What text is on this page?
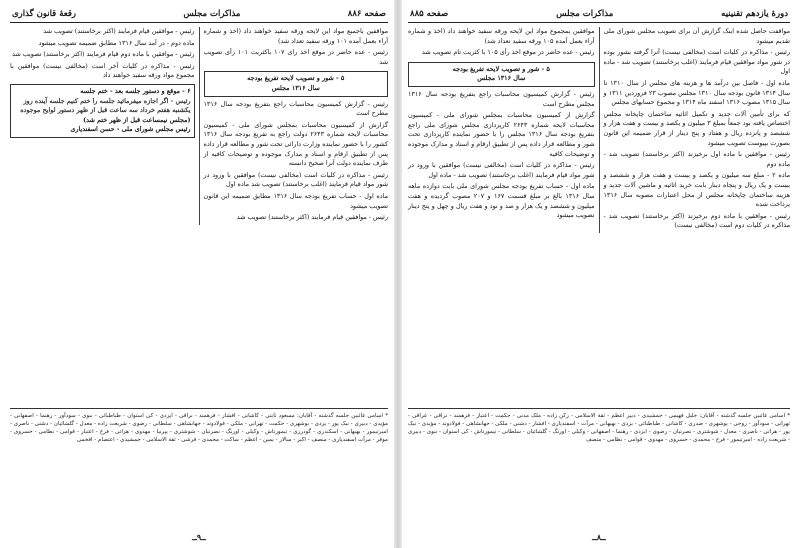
صفحه ۸۸۶
مذاکرات مجلس
رقعهٔ قانون گذاری

مواقفین باجمیع مواد این لایحه ورقه سفید خواهند داد (اخذ و شماره آراء بعمل آمده ۱۰۱ ورقه سفید تعداد شد)

رئیس - عده حاضر در موقع اخذ رای ۱۰۷ باکثریت ۱۰۱ رأی تصویب شد

۵ - شور و تصویب لایحه تفریغ بودجه
سال ۱۳۱۶ مجلس

رئیس - گزارش کمیسیون محاسبات راجع بتفریغ بودجه سال ۱۳۱۶ مطرح است

گزارش از کمیسیون محاسبات بمجلس شورای ملی - کمیسیون محاسبات لایحه شماره ۲۶۴۳ دولت راجع به تفریغ بودجه سال ۱۳۱۶ کشور را با حضور نماینده وزارت دارائی تحت شور و مطالعه قرار داده پس از تطبیق ارقام و اسناد و مدارک موجوده و توضیحات کافیه از طرف نماینده دولت آنرا صحیح دانسته

رئیس - مذاکره در کلیات است (مخالفی نیست) موافقین با ورود در شور مواد قیام فرمایند (اغلب برخاستند) تصویب شد ماده اول

ماده اول - حساب تفریغ بودجه سال ۱۳۱۶ مطابق ضمیمه این قانون تصویب میشود

رئیس - موافقین قیام فرمایند (اکثر برخاستند) تصویب شد

رئیس - موافقین قیام فرمایند (اکثر برخاستند) تصویب شد

ماده دوم - در آمد سال ۱۳۱۶ مطابق ضمیمه تصویب میشود

رئیس - موافقین با ماده دوم قیام فرمایند (اکثر برخاستند) تصویب شد

رئیس - مذاکره در کلیات آخر است (مخالفی نیست) موافقین با مجموع مواد ورقه سفید خواهند داد

۶ - موقع و دستور جلسه بعد - ختم جلسه
رئیس - اگر اجازه میفرمائید جلسه را ختم کنیم جلسه آینده روز یکشنبه هفتم خرداد سه ساعت قبل از ظهر دستور لوایح موجوده
(مجلس نیمساعت قبل از ظهر ختم شد)
رئیس مجلس شورای ملی - حسن اسفندیاری
* اسامی غائبین جلسه گذشته - آقایان: مسعود ثابتی - کاشانی - افشار - فرهمند - نراقی - ایزدی - کی استوان - طباطبائی - نبوی - سودآور - رهنما - اصفهانی - مؤیدی - دبیری - نیک پور - یزدی - بوشهری - حکمت - تهرانی - ملکی - فولادوند - جهانشاهی - سلطانی - رضوی - شریعت زاده - معدل - گلشائیان - دشتی - ناصری - امیرتیمور - بهبهانی - اسکندری - گودرزی - تیمورتاش - وکیلی - اورنگ - نصرتیان - شوشتری - پیرنیا - مهدوی - هراتی - فرخ - اعتبار - قوامی - نظامی - خسروی - موقر - مرآت اسفندیاری - منصف - اکبر - سالار - یمین - اعظم - ساکت - محمدی - فرشی - ثقة الاسلامی - جمشیدی - اعتصام - افخمی
ــ۹ــ
دورهٔ یازدهم تقنینیه
مذاکرات مجلس
صفحه ۸۸۵

مواقفت حاصل شده اینک گزارش آن برای تصویب مجلس شورای ملی تقدیم میشود

رئیس - مذاکره در کلیات است (مخالفی نیست) آنرا گرفته بشور بوده در شور مواد موافقین قیام فرمایند (اغلب برخاستند) تصویب شد - ماده اول

ماده اول - فاصل بین درآمد ها و هزینه های مجلس از سال ۱۳۱۰ تا سال ۱۳۱۴ قانون بودجه سال ۱۳۱۰ مجلس مصوب ۲۳ فروردین ۱۳۱۱ و سال ۱۳۱۵ مصوب ۱۳۱۶ اسفند ماه ۱۳۱۴ و مجموع حسابهای مجلس

که برای تأمین آلات جدید و تکمیل اثاثیه ساختمان چاپخانه مجلس اختصاص یافته بود جمعاً بمبلغ ۳ میلیون و یکصد و بیست و هفت هزار و ششصد و پانزده ریال و هفتاد و پنج دینار از قرار ضمیمه این قانون بصورت بپیوست تصویب میشود

رئیس - موافقین با ماده اول برخیزند (اکثر برخاستند) تصویب شد - ماده دوم

ماده ۲ - مبلغ سه میلیون و یکصد و بیست و هفت هزار و ششصد و بیست و یک ریال و پنجاه دینار بابت خرید اثاثیه و ماشین آلات جدید و هزینه ساختمان چاپخانه مجلس از محل اعتبارات مصوبه سال ۱۳۱۶ پرداخت شده

رئیس - موافقین با ماده دوم برخیزند (اکثر برخاستند) تصویب شد - مذاکره در کلیات دوم است (مخالفی نیست)

موافقین بمجموع مواد این لایحه ورقه سفید خواهند داد (اخذ و شماره آراء بعمل آمده ۱۰۵ ورقه سفید تعداد شد)

رئیس - عده حاضر در موقع اخذ رأی ۱۰۵ با کثریت تام تصویب شد

۵ - شور و تصویب لایحه تفریغ بودجه
سال ۱۳۱۶ مجلس

رئیس - گزارش کمیسیون محاسبات راجع بتفریغ بودجه سال ۱۳۱۶ مجلس مطرح است

گزارش از کمیسیون محاسبات بمجلس شورای ملی - کمیسیون محاسبات لایحه شماره ۲۶۴۳ کارپردازی مجلس شورای ملی راجع بتفریغ بودجه سال ۱۳۱۶ مجلس را با حضور نماینده کارپردازی تحت شور و مطالعه قرار داده پس از تطبیق ارقام و اسناد و مدارک موجوده و توضیحات کافیه

رئیس - مذاکره در کلیات است (مخالفی نیست) موافقین با ورود در شور مواد قیام فرمایند (اغلب برخاستند) تصویب شد - ماده اول

ماده اول - حساب تفریغ بودجه مجلس شورای ملی بابت دوازده ماهه سال ۱۳۱۶ بالغ بر مبلغ قسمت ۱۶۷ و ۲۰۷ مصوب گردیده و هفت میلیون و ششصد و یک هزار و صد و نود و هفت ریال و چهل و پنج دینار تصویب میشود

* اسامی غائبین جلسه گذشته - آقایان: خلیل فهیمی - جمشیدی - دبیر اعظم - ثقة الاسلامی - رکن زاده - ملک مدنی - حکمت - اعتبار - فرهمند - نراقی - عراقی - تهرانی - سودآور - روحی - بوشهری - صدری - کاشانی - طباطبائی - یزدی - بهبهانی - مرآت - اسفندیاری - افشار - دشتی - ملکی - جهانشاهی - فولادوند - مؤیدی - نیک پور - هراتی - ناصری - معدل - شوشتری - نصرتیان - رضوی - ایزدی - رهنما - اصفهانی - وکیلی - اورنگ - گلشائیان - سلطانی - تیمورتاش - کی استوان - نبوی - دبیری - شریعت زاده - امیرتیمور - فرخ - محمدی - خسروی - مهدوی - قوامی - نظامی - منصف
ــ۸ــ
